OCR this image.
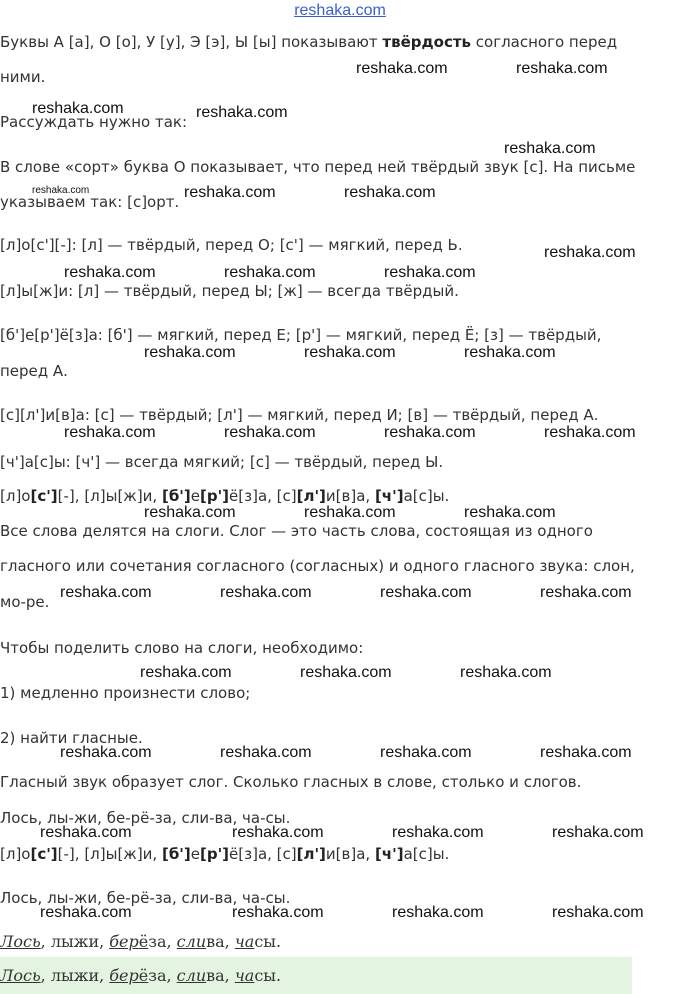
reshaka.com
Буквы А [а], О [о], У [у], Э [э], Ы [ы] показывают твёрдость согласного перед
ними.
Рассуждать нужно так:
В слове «сорт» буква О показывает, что перед ней твёрдый звук [с]. На письме
указываем так: [с]орт.
[л]о[с'][-]: [л] — твёрдый, перед О; [с'] — мягкий, перед Ь.
[л]ы[ж]и: [л] — твёрдый, перед Ы; [ж] — всегда твёрдый.
[б']е[р']ё[з]а: [б'] — мягкий, перед Е; [р'] — мягкий, перед Ё; [з] — твёрдый,
перед А.
[с][л']и[в]а: [с] — твёрдый; [л'] — мягкий, перед И; [в] — твёрдый, перед А.
[ч']а[с]ы: [ч'] — всегда мягкий; [с] — твёрдый, перед Ы.
[л]о[с'][-], [л]ы[ж]и, [б']е[р']ё[з]а, [с][л']и[в]а, [ч']а[с]ы.
Все слова делятся на слоги. Слог — это часть слова, состоящая из одного
гласного или сочетания согласного (согласных) и одного гласного звука: слон,
мо-ре.
Чтобы поделить слово на слоги, необходимо:
1) медленно произнести слово;
2) найти гласные.
Гласный звук образует слог. Сколько гласных в слове, столько и слогов.
Лось, лы-жи, бе-рё-за, сли-ва, ча-сы.
[л]о[с'][-], [л]ы[ж]и, [б']е[р']ё[з]а, [с][л']и[в]а, [ч']а[с]ы.
Лось, лы-жи, бе-рё-за, сли-ва, ча-сы.
Лось, лыжи, берёза, слива, часы.
Лось, лыжи, берёза, слива, часы.
reshaka.com	reshaka.com
reshaka.com	reshaka.com
reshaka.com
reshaka.com	reshaka.com	reshaka.com
reshaka.com
reshaka.com	reshaka.com	reshaka.com
reshaka.com	reshaka.com	reshaka.com
reshaka.com	reshaka.com	reshaka.com	reshaka.com
reshaka.com	reshaka.com	reshaka.com
reshaka.com	reshaka.com	reshaka.com	reshaka.com
reshaka.com	reshaka.com	reshaka.com
reshaka.com	reshaka.com	reshaka.com	reshaka.com
reshaka.com	reshaka.com	reshaka.com	reshaka.com
reshaka.com	reshaka.com	reshaka.com	reshaka.com
